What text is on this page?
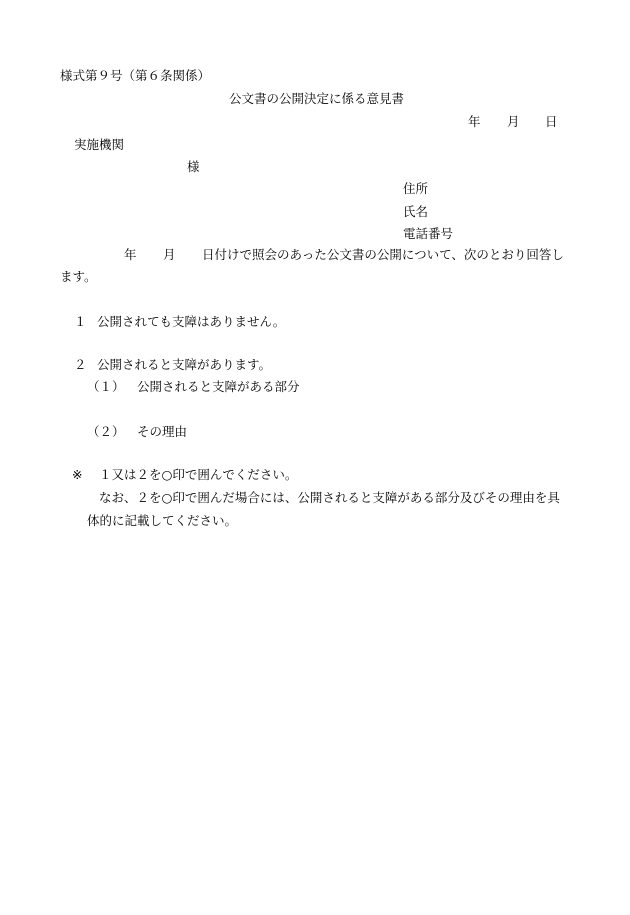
様式第９号（第６条関係）
公文書の公開決定に係る意見書
年 月 日
実施機関
様
住所
氏名
電話番号
年 月 日付けで照会のあった公文書の公開について、次のとおり回答し
ます。
１ 公開されても支障はありません。
２ 公開されると支障があります。
（１） 公開されると支障がある部分
（２） その理由
※ １又は２を○印で囲んでください。
なお、２を○印で囲んだ場合には、公開されると支障がある部分及びその理由を具
体的に記載してください。
